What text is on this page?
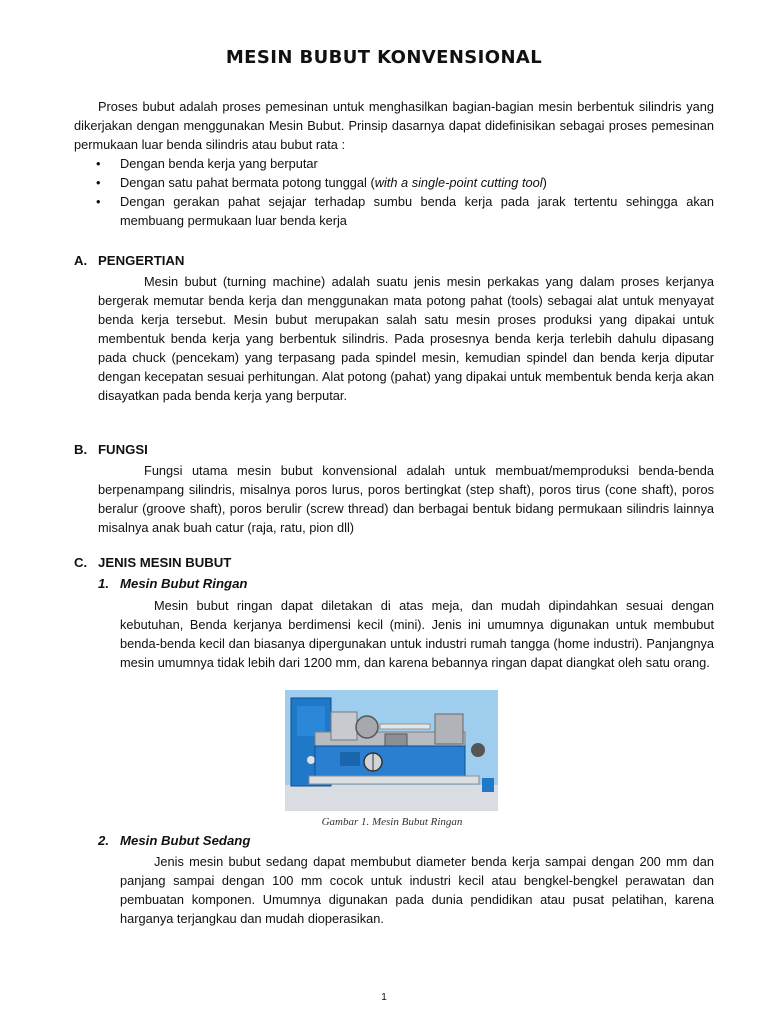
MESIN BUBUT KONVENSIONAL

Proses bubut adalah proses pemesinan untuk menghasilkan bagian-bagian mesin berbentuk silindris yang dikerjakan dengan menggunakan Mesin Bubut. Prinsip dasarnya dapat didefinisikan sebagai proses pemesinan permukaan luar benda silindris atau bubut rata :

• Dengan benda kerja yang berputar
• Dengan satu pahat bermata potong tunggal (with a single-point cutting tool)
• Dengan gerakan pahat sejajar terhadap sumbu benda kerja pada jarak tertentu sehingga akan membuang permukaan luar benda kerja
A. PENGERTIAN

Mesin bubut (turning machine) adalah suatu jenis mesin perkakas yang dalam proses kerjanya bergerak memutar benda kerja dan menggunakan mata potong pahat (tools) sebagai alat untuk menyayat benda kerja tersebut. Mesin bubut merupakan salah satu mesin proses produksi yang dipakai untuk membentuk benda kerja yang berbentuk silindris. Pada prosesnya benda kerja terlebih dahulu dipasang pada chuck (pencekam) yang terpasang pada spindel mesin, kemudian spindel dan benda kerja diputar dengan kecepatan sesuai perhitungan. Alat potong (pahat) yang dipakai untuk membentuk benda kerja akan disayatkan pada benda kerja yang berputar.

B. FUNGSI

Fungsi utama mesin bubut konvensional adalah untuk membuat/memproduksi benda-benda berpenampang silindris, misalnya poros lurus, poros bertingkat (step shaft), poros tirus (cone shaft), poros beralur (groove shaft), poros berulir (screw thread) dan berbagai bentuk bidang permukaan silindris lainnya misalnya anak buah catur (raja, ratu, pion dll)

C. JENIS MESIN BUBUT
1. Mesin Bubut Ringan

Mesin bubut ringan dapat diletakan di atas meja, dan mudah dipindahkan sesuai dengan kebutuhan, Benda kerjanya berdimensi kecil (mini). Jenis ini umumnya digunakan untuk membubut benda-benda kecil dan biasanya dipergunakan untuk industri rumah tangga (home industri). Panjangnya mesin umumnya tidak lebih dari 1200 mm, dan karena bebannya ringan dapat diangkat oleh satu orang.

Gambar 1. Mesin Bubut Ringan
2. Mesin Bubut Sedang

Jenis mesin bubut sedang dapat membubut diameter benda kerja sampai dengan 200 mm dan panjang sampai dengan 100 mm cocok untuk industri kecil atau bengkel-bengkel perawatan dan pembuatan komponen. Umumnya digunakan pada dunia pendidikan atau pusat pelatihan, karena harganya terjangkau dan mudah dioperasikan.

1
